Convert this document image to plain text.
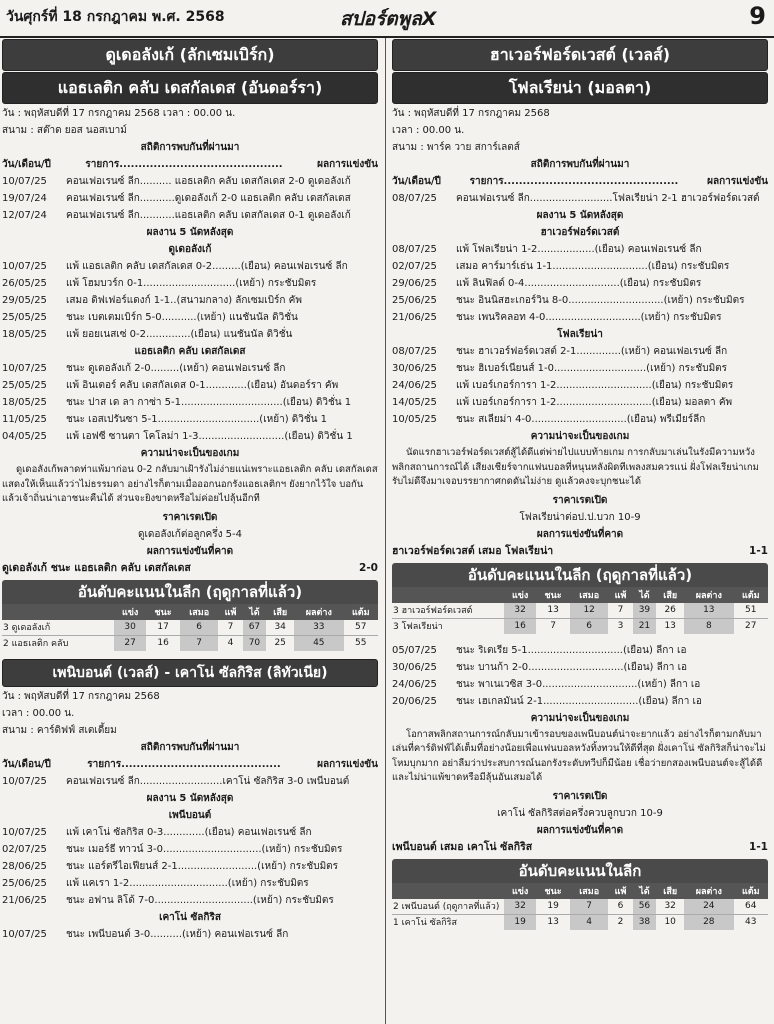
วันศุกร์ที่ 18 กรกฎาคม พ.ศ. 2568	สปอร์ตพูลX	9
ดูเดอลังเก้ (ลักเซมเบิร์ก)
แอธเลติก คลับ เดสกัลเดส (อันดอร์รา)
วัน : พฤหัสบดีที่ 17 กรกฎาคม 2568 เวลา : 00.00 น.
สนาม : สต๊าด ยอส นอสเบาม์
สถิติการพบกันที่ผ่านมา
วัน/เดือน/ปี	รายการ...........................................	ผลการแข่งขัน
10/07/25	คอนเฟอเรนซ์ ลีก.......... แอธเลติก คลับ เดสกัลเดส 2-0 ดูเดอลังเก้
19/07/24	คอนเฟอเรนซ์ ลีก...........ดูเดอลังเก้ 2-0 แอธเลติก คลับ เดสกัลเดส
12/07/24	คอนเฟอเรนซ์ ลีก...........แอธเลติก คลับ เดสกัลเดส 0-1 ดูเดอลังเก้
ผลงาน 5 นัดหลังสุด
ดูเดอลังเก้
10/07/25	แพ้ แอธเลติก คลับ เดสกัลเดส 0-2.........(เยือน) คอนเฟอเรนซ์ ลีก
26/05/25	แพ้ โฮมบวร์ก 0-1.............................(เหย้า) กระชับมิตร
29/05/25	เสมอ ดิฟเฟอร์แดงก์ 1-1..(สนามกลาง) ลักเซมเบิร์ก คัพ
25/05/25	ชนะ เบตเตมเบิร์ก 5-0...........(เหย้า) แนชันนัล ดิวิชั่น
18/05/25	แพ้ ยอยเนสเซ่ 0-2..............(เยือน) แนชันนัล ดิวิชั่น
แอธเลติก คลับ เดสกัลเดส
10/07/25	ชนะ ดูเดอลังเก้ 2-0.........(เหย้า) คอนเฟอเรนซ์ ลีก
25/05/25	แพ้ อินเตอร์ คลับ เดสกัลเดส 0-1.............(เยือน) อันดอร์รา คัพ
18/05/25	ชนะ ปาส เด ลา กาซ่า 5-1................................(เยือน) ดิวิชั่น 1
11/05/25	ชนะ เอสเปรันซา 5-1................................(เหย้า) ดิวิชั่น 1
04/05/25	แพ้ เอฟซี ซานตา โคโลม่า 1-3...........................(เยือน) ดิวิชั่น 1
ความน่าจะเป็นของเกม
ดูเดอลังเก้พลาดท่าแพ้มาก่อน 0-2 กลับมาเฝ้ารังไม่ง่ายแน่เพราะแอธเลติก คลับ เดสกัลเดสแสดงให้เห็นแล้วว่าไม่ธรรมดา อย่างไรก็ตามเมื่อออกนอกรังแอธเลติกฯ ยังยากไว้ใจ บอกันแล้วเจ้าถิ่นน่าเอาชนะคืนได้ ส่วนจะยิงขาดหรือไม่ค่อยไปลุ้นอีกที
ราคาเรตเปิด
ดูเดอลังเก้ต่อลูกครึ่ง 5-4
ผลการแข่งขันที่คาด
ดูเดอลังเก้ ชนะ แอธเลติก คลับ เดสกัลเดส	2-0
อันดับคะแนนในลีก (ฤดูกาลที่แล้ว)
	แข่ง	ชนะ	เสมอ	แพ้	ได้	เสีย	ผลต่าง	แต้ม
3 ดูเดอลังเก้	30	17	6	7	67	34	33	57
2 แอธเลติก คลับ	27	16	7	4	70	25	45	55
เพนิบอนต์ (เวลส์) - เคาโน่ ซัลกิริส (ลิทัวเนีย)
วัน : พฤหัสบดีที่ 17 กรกฎาคม 2568
เวลา : 00.00 น.
สนาม : คาร์ดิฟฟ์ สเตเดี้ยม
สถิติการพบกันที่ผ่านมา
วัน/เดือน/ปี	รายการ..........................................	ผลการแข่งขัน
10/07/25	คอนเฟอเรนซ์ ลีก..........................เคาโน่ ซัลกิริส 3-0 เพนีบอนต์
ผลงาน 5 นัดหลังสุด
เพนีบอนต์
10/07/25	แพ้ เคาโน่ ซัลกิริส 0-3.............(เยือน) คอนเฟอเรนซ์ ลีก
02/07/25	ชนะ เมอร์ธี ทาวน์ 3-0...............................(เหย้า) กระชับมิตร
28/06/25	ชนะ แอร์ตรีไอเฟียนส์ 2-1.........................(เหย้า) กระชับมิตร
25/06/25	แพ้ แคเรา 1-2...............................(เหย้า) กระชับมิตร
21/06/25	ชนะ อฟาน ลิโด้ 7-0...............................(เหย้า) กระชับมิตร
เคาโน่ ซัลกิริส
10/07/25	ชนะ เพนีบอนต์ 3-0..........(เหย้า) คอนเฟอเรนซ์ ลีก
ฮาเวอร์ฟอร์ดเวสต์ (เวลส์)
โฟลเรียน่า (มอลตา)
วัน : พฤหัสบดีที่ 17 กรกฎาคม 2568
เวลา : 00.00 น.
สนาม : พาร์ค วาย สการ์เลตส์
สถิติการพบกันที่ผ่านมา
วัน/เดือน/ปี	รายการ..............................................	ผลการแข่งขัน
08/07/25	คอนเฟอเรนซ์ ลีก..........................โฟลเรียน่า 2-1 ฮาเวอร์ฟอร์ดเวสต์
ผลงาน 5 นัดหลังสุด
ฮาเวอร์ฟอร์ดเวสต์
08/07/25	แพ้ โฟลเรียน่า 1-2..................(เยือน) คอนเฟอเรนซ์ ลีก
02/07/25	เสมอ คาร์มาร์เธ่น 1-1..............................(เยือน) กระชับมิตร
29/06/25	แพ้ ลินฟิลด์ 0-4..............................(เยือน) กระชับมิตร
25/06/25	ชนะ อินนิสฮะเกอร์วิน 8-0..............................(เหย้า) กระชับมิตร
21/06/25	ชนะ เพนริคลอท 4-0..............................(เหย้า) กระชับมิตร
โฟลเรียน่า
08/07/25	ชนะ ฮาเวอร์ฟอร์ดเวสต์ 2-1..............(เหย้า) คอนเฟอเรนซ์ ลีก
30/06/25	ชนะ ฮิเบอร์เนียนส์ 1-0.............................(เหย้า) กระชับมิตร
24/06/25	แพ้ เบอร์เกอร์การา 1-2..............................(เยือน) กระชับมิตร
14/05/25	แพ้ เบอร์เกอร์การา 1-2..............................(เยือน) มอลตา คัพ
10/05/25	ชนะ สเลียม่า 4-0..............................(เยือน) พรีเมียร์ลีก
ความน่าจะเป็นของเกม
นัดแรกฮาเวอร์ฟอร์ดเวสต์สู้ได้ดีแต่พ่ายไปแบบท้ายเกม การกลับมาเล่นในรังมีความหวังพลิกสถานการณ์ได้ เสียงเชียร์จากแฟนบอลที่หนุนหลังผิดทีเพลงสมควรแน่ ฝั่งโฟลเรียน่าเกมรับไม่ดีจึงมาเจอบรรยากาศกดดันไม่ง่าย ดูแล้วคงจะบุกชนะได้
ราคาเรตเปิด
โฟลเรียน่าต่อป.ป.บวก 10-9
ผลการแข่งขันที่คาด
ฮาเวอร์ฟอร์ดเวสต์ เสมอ โฟลเรียน่า	1-1
อันดับคะแนนในลีก (ฤดูกาลที่แล้ว)
	แข่ง	ชนะ	เสมอ	แพ้	ได้	เสีย	ผลต่าง	แต้ม
3 ฮาเวอร์ฟอร์ดเวสต์	32	13	12	7	39	26	13	51
3 โฟลเรียน่า	16	7	6	3	21	13	8	27
05/07/25	ชนะ ริเตเรีย 5-1..............................(เยือน) ลีกา เอ
30/06/25	ชนะ บานก้า 2-0..............................(เยือน) ลีกา เอ
24/06/25	ชนะ พาเนเวซิส 3-0..............................(เหย้า) ลีกา เอ
20/06/25	ชนะ เฮเกลมันน์ 2-1..............................(เยือน) ลีกา เอ
ความน่าจะเป็นของเกม
โอกาสพลิกสถานการณ์กลับมาเข้ารอบของเพนีบอนต์น่าจะยากแล้ว อย่างไรก็ตามกลับมาเล่นที่คาร์ดิฟฟ์ได้เต็มที่อย่างน้อยเพื่อแฟนบอลหวังทิ้งทวนให้ดีที่สุด ฝั่งเคาโน่ ซัลกิริสก็น่าจะไม่โหมบุกมาก อย่าลืมว่าประสบการณ์นอกรังระดับทวีปก็มีน้อย เชื่อว่ายกสองเพนีบอนต์จะสู้ได้ดีและไม่น่าแพ้ขาดหรือมีลุ้นอันเสมอได้
ราคาเรตเปิด
เคาโน่ ซัลกิริสต่อครึ่งควบลูกบวก 10-9
ผลการแข่งขันที่คาด
เพนีบอนต์ เสมอ เคาโน่ ซัลกิริส	1-1
อันดับคะแนนในลีก
	แข่ง	ชนะ	เสมอ	แพ้	ได้	เสีย	ผลต่าง	แต้ม
2 เพนีบอนต์ (ฤดูกาลที่แล้ว)	32	19	7	6	56	32	24	64
1 เคาโน่ ซัลกิริส	19	13	4	2	38	10	28	43
